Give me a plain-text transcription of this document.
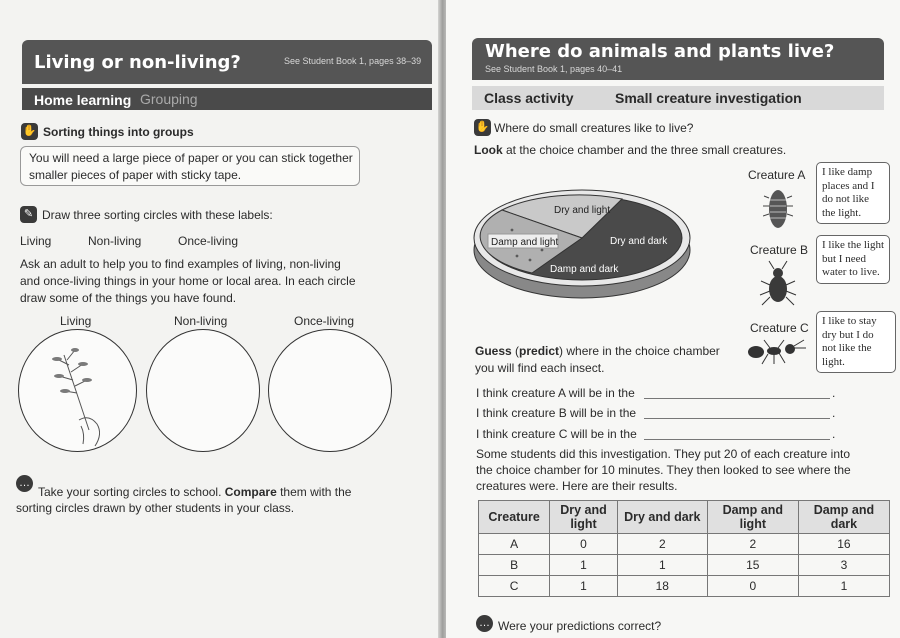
Living or non-living?	See Student Book 1, pages 38–39
Home learning Grouping
✋ Sorting things into groups
You will need a large piece of paper or you can stick together
smaller pieces of paper with sticky tape.
✎ Draw three sorting circles with these labels:
Living	Non-living	Once-living
Ask an adult to help you to find examples of living, non-living
and once-living things in your home or local area. In each circle
draw some of the things you have found.
Living	Non-living	Once-living
…
Take your sorting circles to school. Compare them with the
sorting circles drawn by other students in your class.
Where do animals and plants live?
See Student Book 1, pages 40–41
Class activity	Small creature investigation
✋ Where do small creatures like to live?
Look at the choice chamber and the three small creatures.
Dry and light
Dry and dark
Damp and light
Damp and dark
Creature A	I like damp places and I do not like the light.
Creature B	I like the light but I need water to live.
Creature C	I like to stay dry but I do not like the light.
Guess (predict) where in the choice chamber
you will find each insect.
I think creature A will be in the	.
I think creature B will be in the	.
I think creature C will be in the	.
Some students did this investigation. They put 20 of each creature into
the choice chamber for 10 minutes. They then looked to see where the
creatures were. Here are their results.
Creature	Dry and light	Dry and dark	Damp and light	Damp and dark
A	0	2	2	16
B	1	1	15	3
C	1	18	0	1
… Were your predictions correct?
